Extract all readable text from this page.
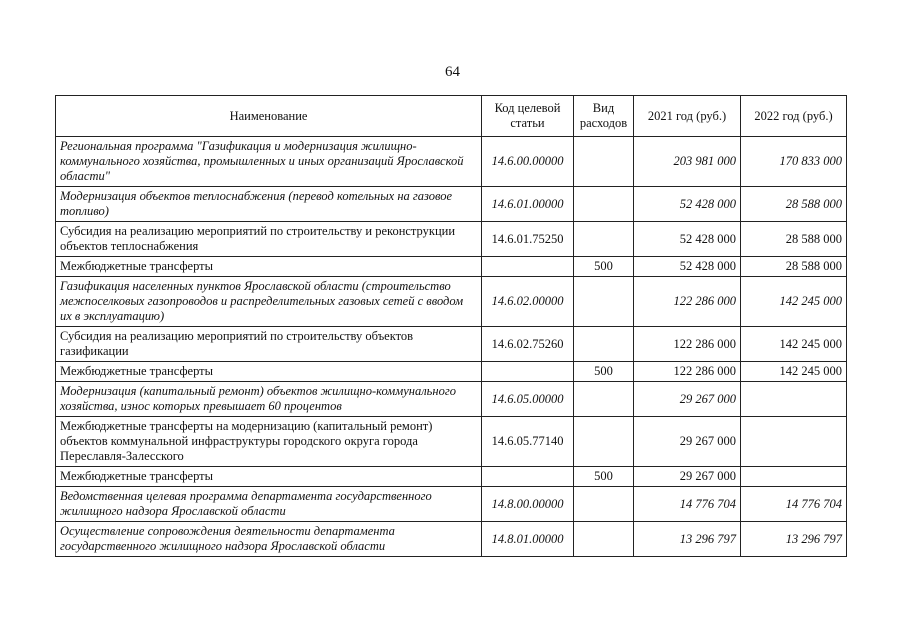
64
Наименование	Код целевой статьи	Вид расходов	2021 год (руб.)	2022 год (руб.)
Региональная программа "Газификация и модернизация жилищно-коммунального хозяйства, промышленных и иных организаций Ярославской области"	14.6.00.00000		203 981 000	170 833 000
Модернизация объектов теплоснабжения (перевод котельных на газовое топливо)	14.6.01.00000		52 428 000	28 588 000
Субсидия на реализацию мероприятий по строительству и реконструкции объектов теплоснабжения	14.6.01.75250		52 428 000	28 588 000
Межбюджетные трансферты		500	52 428 000	28 588 000
Газификация населенных пунктов Ярославской области (строительство межпоселковых газопроводов и распределительных газовых сетей с вводом их в эксплуатацию)	14.6.02.00000		122 286 000	142 245 000
Субсидия на реализацию мероприятий по строительству объектов газификации	14.6.02.75260		122 286 000	142 245 000
Межбюджетные трансферты		500	122 286 000	142 245 000
Модернизация (капитальный ремонт) объектов жилищно-коммунального хозяйства, износ которых превышает 60 процентов	14.6.05.00000		29 267 000	
Межбюджетные трансферты на модернизацию (капитальный ремонт) объектов коммунальной инфраструктуры городского округа города Переславля-Залесского	14.6.05.77140		29 267 000	
Межбюджетные трансферты		500	29 267 000	
Ведомственная целевая программа департамента государственного жилищного надзора Ярославской области	14.8.00.00000		14 776 704	14 776 704
Осуществление сопровождения деятельности департамента государственного жилищного надзора Ярославской области	14.8.01.00000		13 296 797	13 296 797
